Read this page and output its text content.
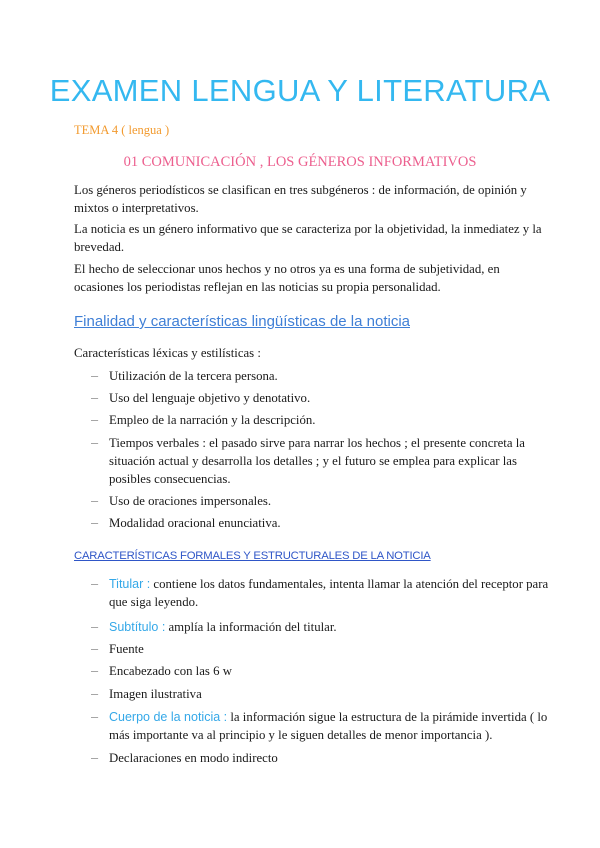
EXAMEN LENGUA Y LITERATURA
TEMA 4 ( lengua )
01 COMUNICACIÓN , LOS GÉNEROS INFORMATIVOS
Los géneros periodísticos se clasifican en tres subgéneros : de información, de opinión y mixtos o interpretativos.
La noticia es un género informativo que se caracteriza por la objetividad, la inmediatez y la brevedad.
El hecho de seleccionar unos hechos y no otros ya es una forma de subjetividad, en ocasiones los periodistas reflejan en las noticias su propia personalidad.
Finalidad y características lingüísticas de la noticia
Características léxicas y estilísticas :
– Utilización de la tercera persona.
– Uso del lenguaje objetivo y denotativo.
– Empleo de la narración y la descripción.
– Tiempos verbales : el pasado sirve para narrar los hechos ; el presente concreta la situación actual y desarrolla los detalles ; y el futuro se emplea para explicar las posibles consecuencias.
– Uso de oraciones impersonales.
– Modalidad oracional enunciativa.
CARACTERÍSTICAS FORMALES Y ESTRUCTURALES DE LA NOTICIA
– Titular : contiene los datos fundamentales, intenta llamar la atención del receptor para que siga leyendo.
– Subtítulo : amplía la información del titular.
– Fuente
– Encabezado con las 6 w
– Imagen ilustrativa
– Cuerpo de la noticia : la información sigue la estructura de la pirámide invertida ( lo más importante va al principio y le siguen detalles de menor importancia ).
– Declaraciones en modo indirecto
